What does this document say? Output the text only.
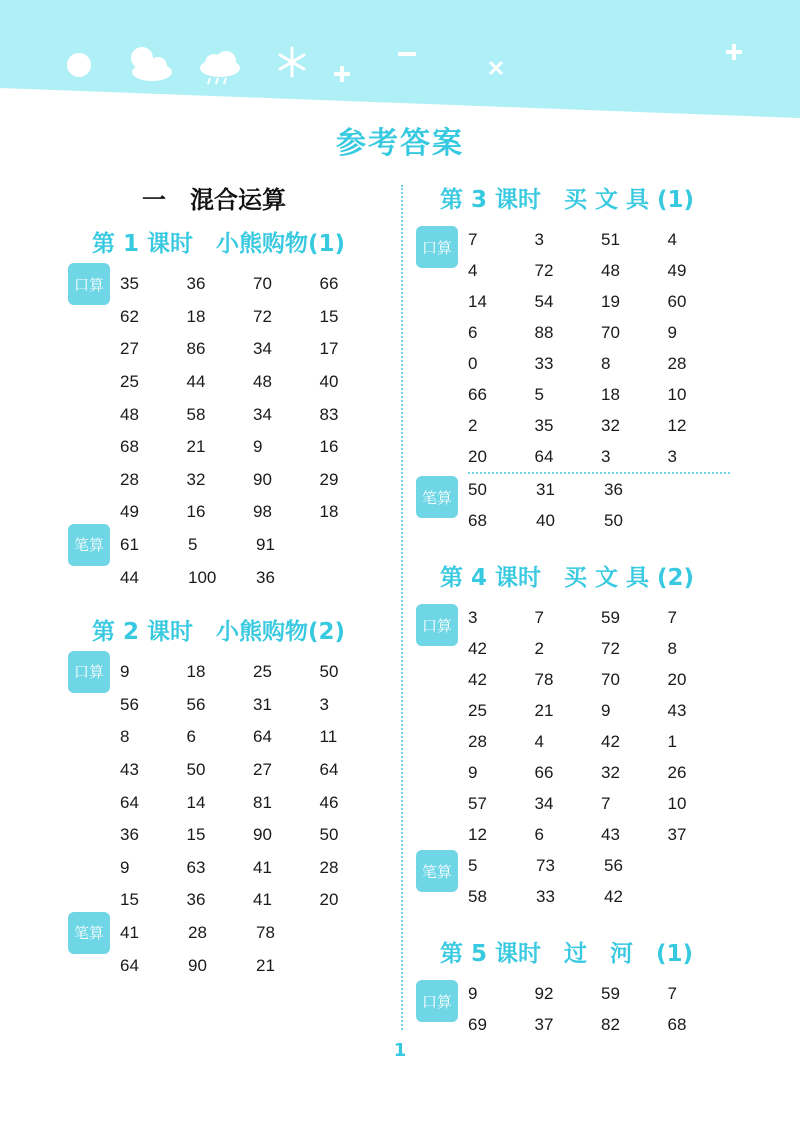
参考答案
一　混合运算
第 1 课时　小熊购物(1)
口算 35	36	70	66
62	18	72	15
27	86	34	17
25	44	48	40
48	58	34	83
68	21	9	16
28	32	90	29
49	16	98	18
笔算 61	5	91
44	100	36
第 2 课时　小熊购物(2)
口算 9	18	25	50
56	56	31	3
8	6	64	11
43	50	27	64
64	14	81	46
36	15	90	50
9	63	41	28
15	36	41	20
笔算 41	28	78
64	90	21
第 3 课时　买 文 具 (1)
口算 7	3	51	4
4	72	48	49
14	54	19	60
6	88	70	9
0	33	8	28
66	5	18	10
2	35	32	12
20	64	3	3
笔算 50	31	36
68	40	50
第 4 课时　买 文 具 (2)
口算 3	7	59	7
42	2	72	8
42	78	70	20
25	21	9	43
28	4	42	1
9	66	32	26
57	34	7	10
12	6	43	37
笔算 5	73	56
58	33	42
第 5 课时　过　河　(1)
口算 9	92	59	7
69	37	82	68
1
